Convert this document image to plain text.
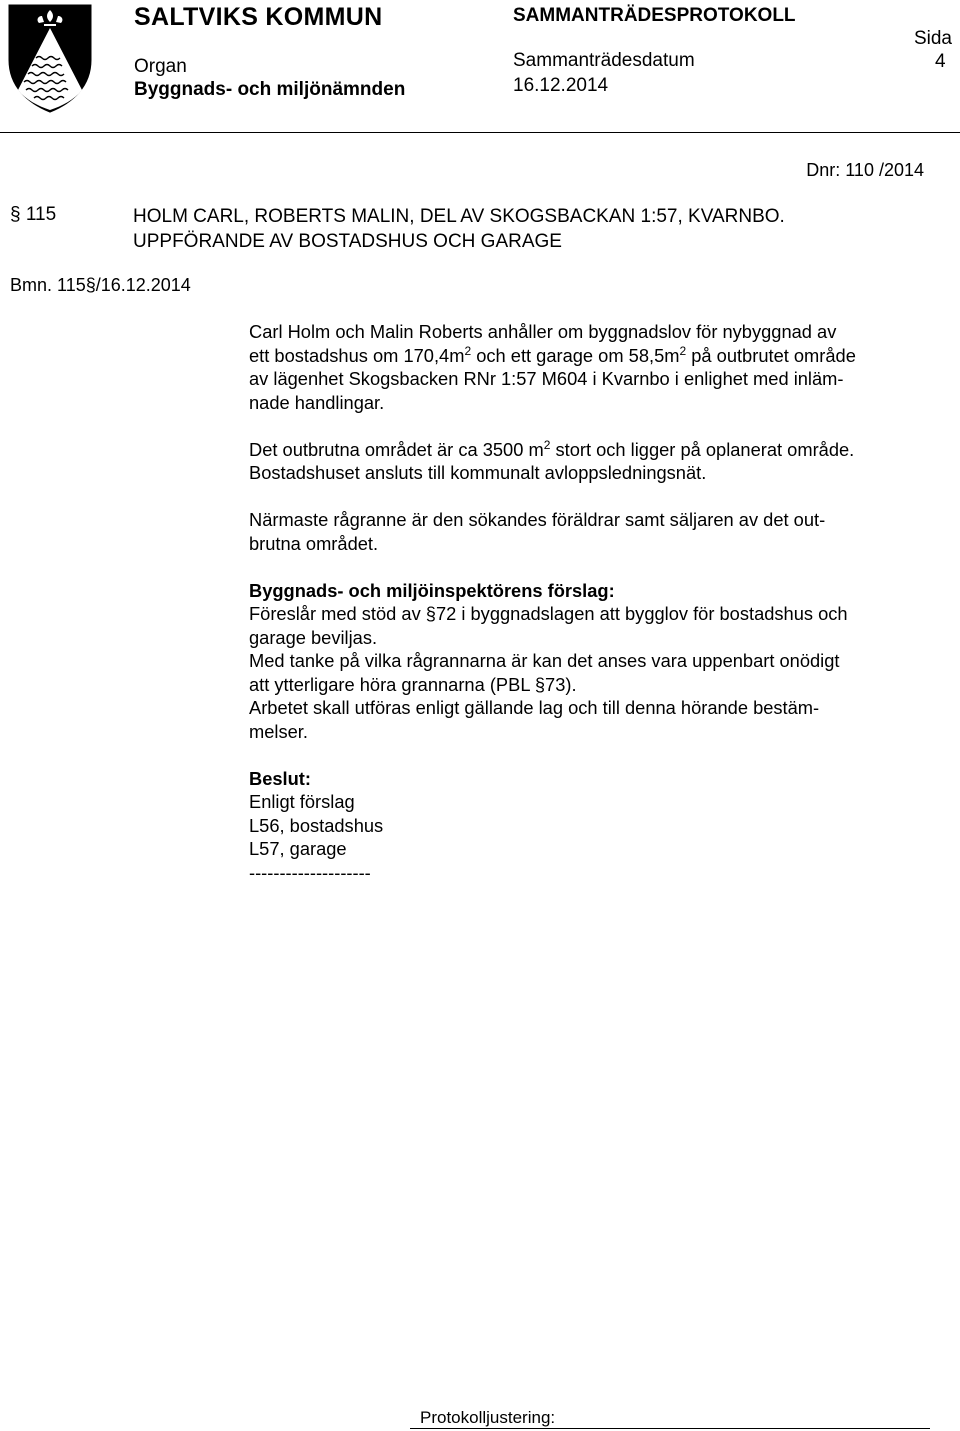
SALTVIKS KOMMUN
Organ
Byggnads- och miljönämnden
SAMMANTRÄDESPROTOKOLL
Sammanträdesdatum
16.12.2014
Sida
4
Dnr: 110 /2014
§ 115	HOLM CARL, ROBERTS MALIN, DEL AV SKOGSBACKAN 1:57, KVARNBO.
UPPFÖRANDE AV BOSTADSHUS OCH GARAGE
Bmn. 115§/16.12.2014

Carl Holm och Malin Roberts anhåller om byggnadslov för nybyggnad av

ett bostadshus om $170,4m^2$ och ett garage om $58,5m^2$ på outbrutet område

av lägenhet Skogsbacken RNr 1:57 M604 i Kvarnbo i enlighet med inläm-

nade handlingar.

Det outbrutna området är ca 3500 $m^2$ stort och ligger på oplanerat område.

Bostadshuset ansluts till kommunalt avloppsledningsnät.

Närmaste rågranne är den sökandes föräldrar samt säljaren av det out-

brutna området.

Byggnads- och miljöinspektörens förslag:

Föreslår med stöd av §72 i byggnadslagen att bygglov för bostadshus och

garage beviljas.

Med tanke på vilka rågrannarna är kan det anses vara uppenbart onödigt

att ytterligare höra grannarna (PBL §73).

Arbetet skall utföras enligt gällande lag och till denna hörande bestäm-

melser.

Beslut:

Enligt förslag

L56, bostadshus

L57, garage

--------------------

Protokolljustering:
